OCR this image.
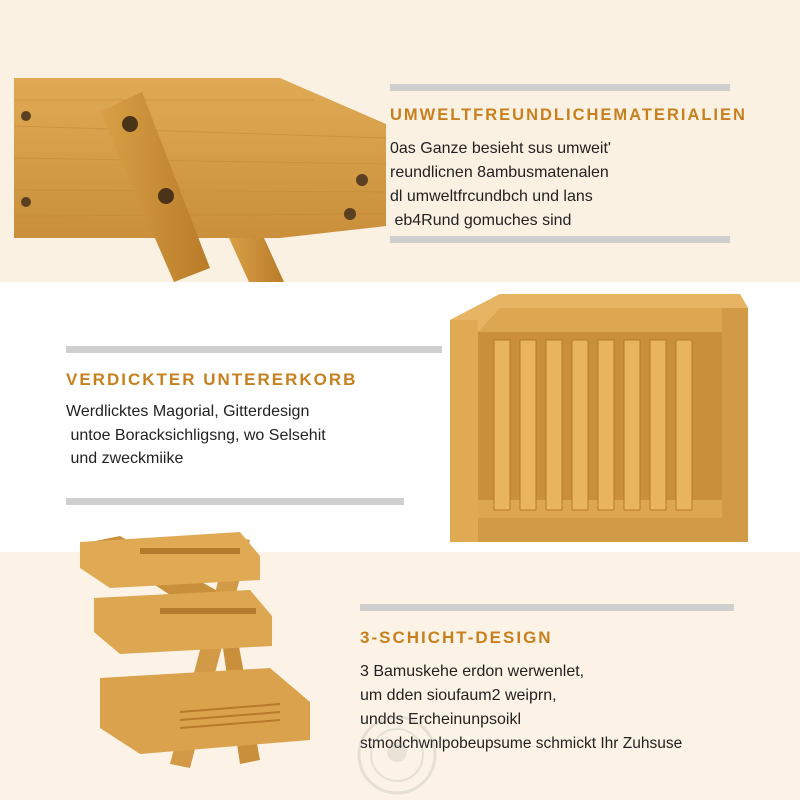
UMWELTFREUNDLICHEMATERIALIEN
0as Ganze besieht sus umweit'
reundlicnen 8ambusmatenalen
dl umweltfrcundbch und lans
eb4Rund gomuches sind
VERDICKTER UNTERERKORB
Werdlicktes Magorial, Gitterdesign
untoe Boracksichligsng, wo Selsehit
und zweckmiike
3-SCHICHT-DESIGN
3 Bamuskehe erdon werwenlet,
um dden sioufaum2 weiprn,
undds Ercheinunpsoikl
stmodchwnlpobeupsume schmickt Ihr Zuhsuse
